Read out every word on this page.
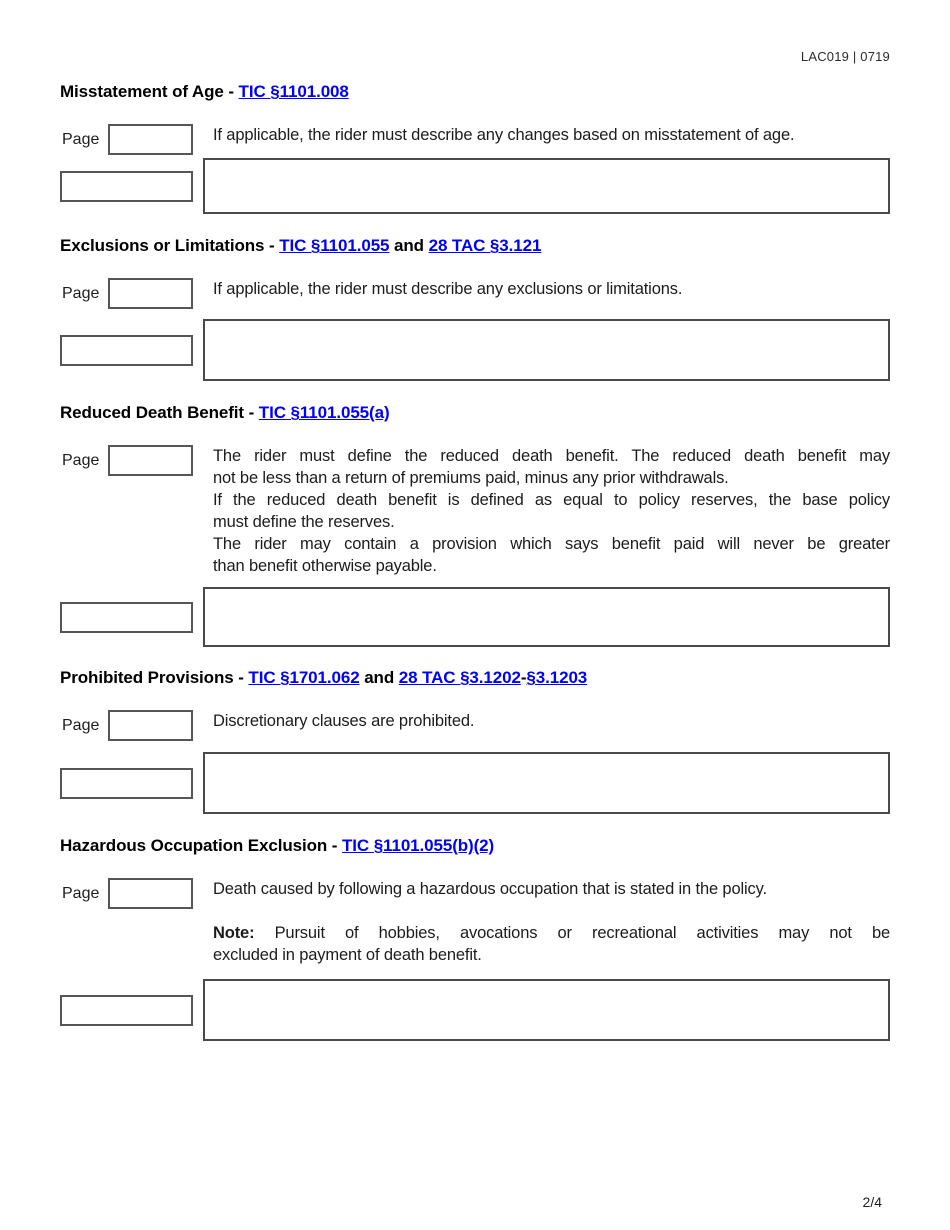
LAC019 | 0719
Misstatement of Age - TIC §1101.008
Page	If applicable, the rider must describe any changes based on misstatement of age.

Exclusions or Limitations - TIC §1101.055 and 28 TAC §3.121
Page	If applicable, the rider must describe any exclusions or limitations.

Reduced Death Benefit - TIC §1101.055(a)
Page	The rider must define the reduced death benefit. The reduced death benefit may
not be less than a return of premiums paid, minus any prior withdrawals.

If the reduced death benefit is defined as equal to policy reserves, the base policy
must define the reserves.

The rider may contain a provision which says benefit paid will never be greater
than benefit otherwise payable.

Prohibited Provisions - TIC §1701.062 and 28 TAC §3.1202-§3.1203
Page	Discretionary clauses are prohibited.

Hazardous Occupation Exclusion - TIC §1101.055(b)(2)
Page	Death caused by following a hazardous occupation that is stated in the policy.

Note: Pursuit of hobbies, avocations or recreational activities may not be
excluded in payment of death benefit.

2/4
